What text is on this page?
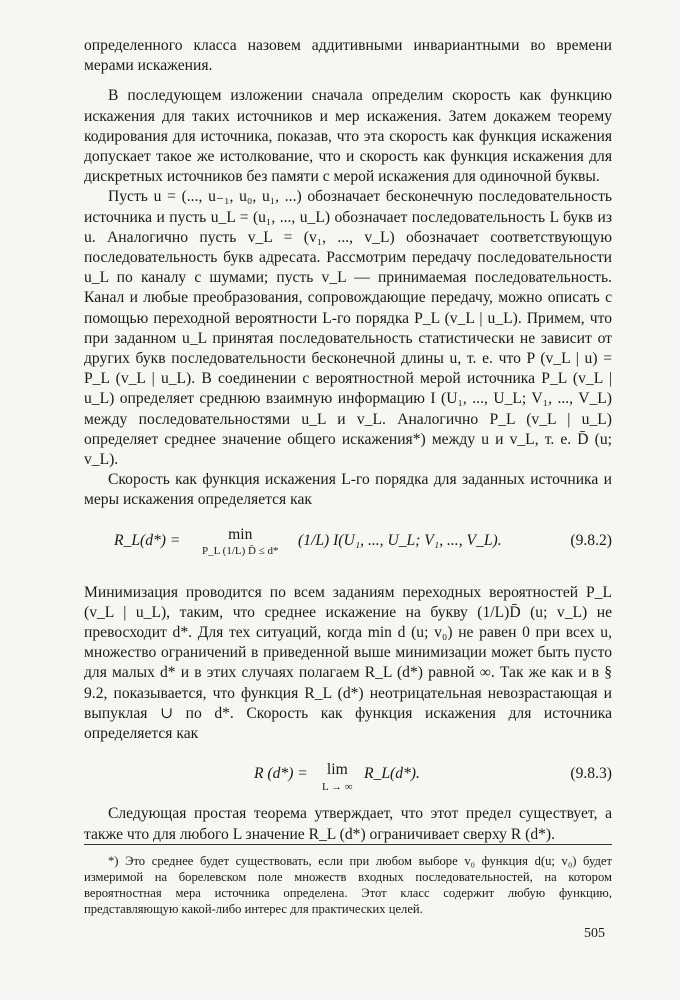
определенного класса назовем аддитивными инвариантными во времени мерами искажения.

В последующем изложении сначала определим скорость как функцию искажения для таких источников и мер искажения. Затем докажем теорему кодирования для источника, показав, что эта скорость как функция искажения допускает такое же истолкование, что и скорость как функция искажения для дискретных источников без памяти с мерой искажения для одиночной буквы.

Пусть u = (..., u₋₁, u₀, u₁, ...) обозначает бесконечную последовательность источника и пусть u_L = (u₁, ..., u_L) обозначает последовательность L букв из u. Аналогично пусть v_L = (v₁, ..., v_L) обозначает соответствующую последовательность букв адресата. Рассмотрим передачу последовательности u_L по каналу с шумами; пусть v_L — принимаемая последовательность. Канал и любые преобразования, сопровождающие передачу, можно описать с помощью переходной вероятности L-го порядка P_L (v_L | u_L). Примем, что при заданном u_L принятая последовательность статистически не зависит от других букв последовательности бесконечной длины u, т. е. что P (v_L | u) = P_L (v_L | u_L). В соединении с вероятностной мерой источника P_L (v_L | u_L) определяет среднюю взаимную информацию I (U₁, ..., U_L; V₁, ..., V_L) между последовательностями u_L и v_L. Аналогично P_L (v_L | u_L) определяет среднее значение общего искажения*) между u и v_L, т. е. D̄ (u; v_L).

Скорость как функция искажения L-го порядка для заданных источника и меры искажения определяется как

R_L(d*) =	min
P_L (1/L) D̄ ≤ d*
(1/L) I(U₁, ..., U_L; V₁, ..., V_L).	(9.8.2)

Минимизация проводится по всем заданиям переходных вероятностей P_L (v_L | u_L), таким, что среднее искажение на букву (1/L)D̄ (u; v_L) не превосходит d*. Для тех ситуаций, когда min d (u; v₀) не равен 0 при всех u, множество ограничений в приведенной выше минимизации может быть пусто для малых d* и в этих случаях полагаем R_L (d*) равной ∞. Так же как и в § 9.2, показывается, что функция R_L (d*) неотрицательная невозрастающая и выпуклая ∪ по d*. Скорость как функция искажения для источника определяется как

R (d*) =	lim
L → ∞
R_L(d*).	(9.8.3)

Следующая простая теорема утверждает, что этот предел существует, а также что для любого L значение R_L (d*) ограничивает сверху R (d*).

*) Это среднее будет существовать, если при любом выборе v₀ функция d(u; v₀) будет измеримой на борелевском поле множеств входных последовательностей, на котором вероятностная мера источника определена. Этот класс содержит любую функцию, представляющую какой-либо интерес для практических целей.

505
